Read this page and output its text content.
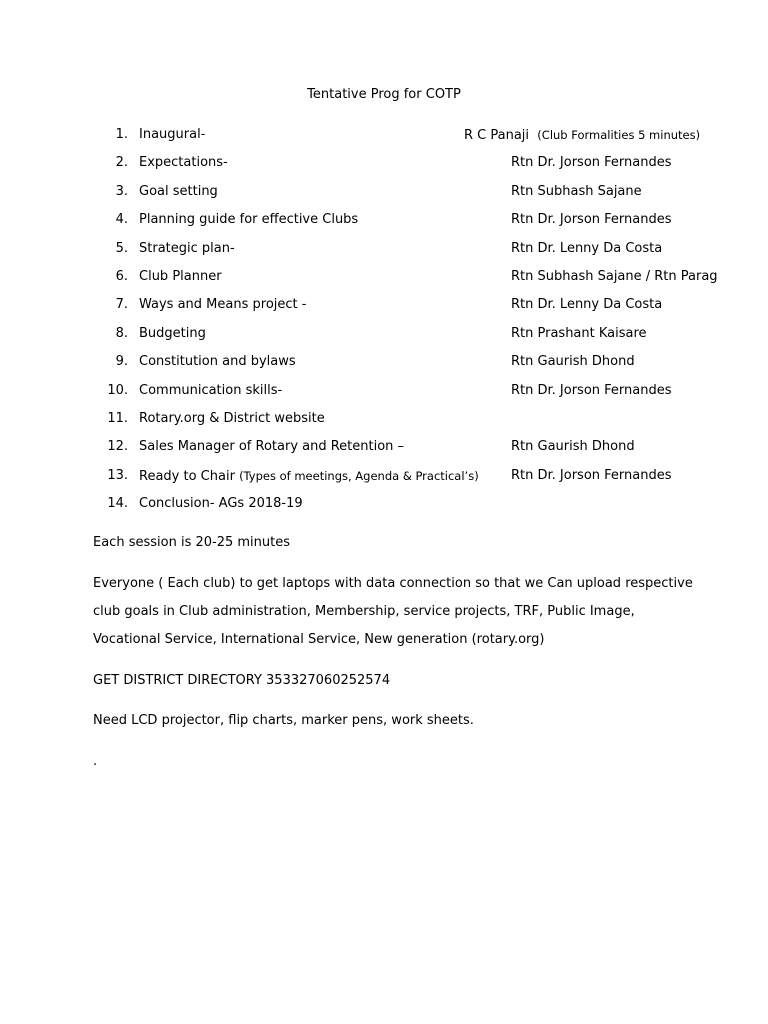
Tentative Prog for COTP
1. Inaugural-	R C Panaji (Club Formalities 5 minutes)
2. Expectations-	Rtn Dr. Jorson Fernandes
3. Goal setting	Rtn Subhash Sajane
4. Planning guide for effective Clubs	Rtn Dr. Jorson Fernandes
5. Strategic plan-	Rtn Dr. Lenny Da Costa
6. Club Planner	Rtn Subhash Sajane / Rtn Parag
7. Ways and Means project -	Rtn Dr. Lenny Da Costa
8. Budgeting	Rtn Prashant Kaisare
9. Constitution and bylaws	Rtn Gaurish Dhond
10. Communication skills-	Rtn Dr. Jorson Fernandes
11. Rotary.org & District website
12. Sales Manager of Rotary and Retention –	Rtn Gaurish Dhond
13. Ready to Chair (Types of meetings, Agenda & Practical’s) Rtn Dr. Jorson Fernandes
14. Conclusion- AGs 2018-19

Each session is 20-25 minutes

Everyone ( Each club) to get laptops with data connection so that we Can upload respective
club goals in Club administration, Membership, service projects, TRF, Public Image,
Vocational Service, International Service, New generation (rotary.org)

GET DISTRICT DIRECTORY 353327060252574

Need LCD projector, flip charts, marker pens, work sheets.

.
